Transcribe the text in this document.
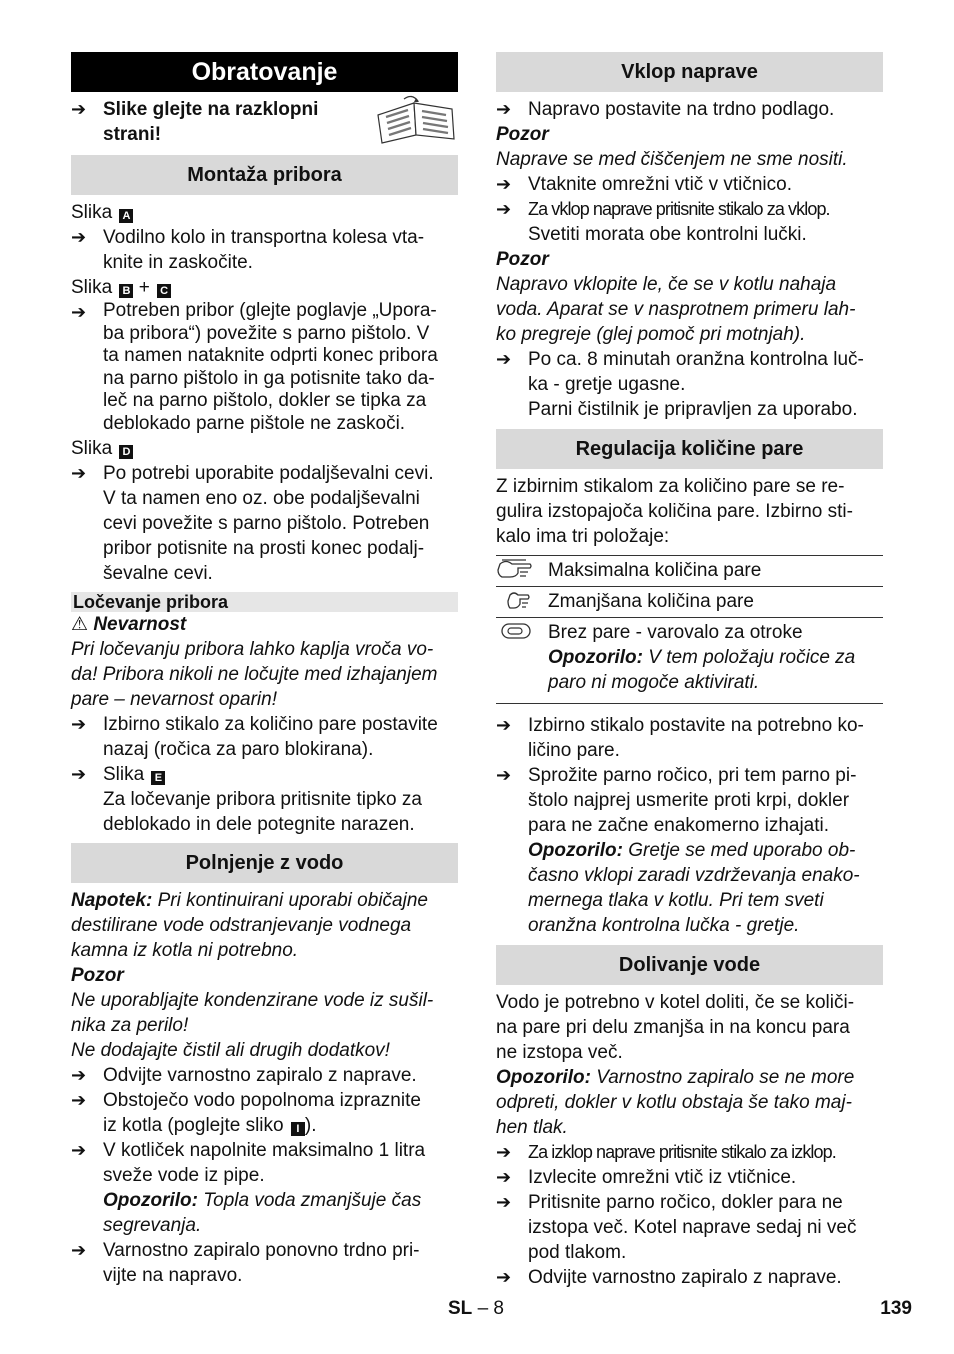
Obratovanje
➔ Slike glejte na razklopni
strani!
Montaža pribora
Slika A
➔ Vodilno kolo in transportna kolesa vta-
knite in zaskočite.
Slika B + C
➔ Potreben pribor (glejte poglavje „Upora-
ba pribora“) povežite s parno pištolo. V
ta namen nataknite odprti konec pribora
na parno pištolo in ga potisnite tako da-
leč na parno pištolo, dokler se tipka za
deblokado parne pištole ne zaskoči.
Slika D
➔ Po potrebi uporabite podaljševalni cevi.
V ta namen eno oz. obe podaljševalni
cevi povežite s parno pištolo. Potreben
pribor potisnite na prosti konec podalj-
ševalne cevi.
Ločevanje pribora
⚠ Nevarnost
Pri ločevanju pribora lahko kaplja vroča vo-
da! Pribora nikoli ne ločujte med izhajanjem
pare – nevarnost oparin!
➔ Izbirno stikalo za količino pare postavite
nazaj (ročica za paro blokirana).
➔ Slika E
Za ločevanje pribora pritisnite tipko za
deblokado in dele potegnite narazen.
Polnjenje z vodo
Napotek: Pri kontinuirani uporabi običajne
destilirane vode odstranjevanje vodnega
kamna iz kotla ni potrebno.
Pozor
Ne uporabljajte kondenzirane vode iz sušil-
nika za perilo!
Ne dodajajte čistil ali drugih dodatkov!
➔ Odvijte varnostno zapiralo z naprave.
➔ Obstoječo vodo popolnoma izpraznite
iz kotla (poglejte sliko I ).
➔ V kotliček napolnite maksimalno 1 litra
sveže vode iz pipe.
Opozorilo: Topla voda zmanjšuje čas
segrevanja.
➔ Varnostno zapiralo ponovno trdno pri-
vijte na napravo.
Vklop naprave
➔ Napravo postavite na trdno podlago.
Pozor
Naprave se med čiščenjem ne sme nositi.
➔ Vtaknite omrežni vtič v vtičnico.
➔ Za vklop naprave pritisnite stikalo za vklop.
Svetiti morata obe kontrolni lučki.
Pozor
Napravo vklopite le, če se v kotlu nahaja
voda. Aparat se v nasprotnem primeru lah-
ko pregreje (glej pomoč pri motnjah).
➔ Po ca. 8 minutah oranžna kontrolna luč-
ka - gretje ugasne.
Parni čistilnik je pripravljen za uporabo.
Regulacija količine pare
Z izbirnim stikalom za količino pare se re-
gulira izstopajoča količina pare. Izbirno sti-
kalo ima tri položaje:
	Maksimalna količina pare
	Zmanjšana količina pare

Brez pare - varovalo za otroke
Opozorilo: V tem položaju ročice za
paro ni mogoče aktivirati.
➔ Izbirno stikalo postavite na potrebno ko-
ličino pare.
➔ Sprožite parno ročico, pri tem parno pi-
štolo najprej usmerite proti krpi, dokler
para ne začne enakomerno izhajati.
Opozorilo: Gretje se med uporabo ob-
časno vklopi zaradi vzdrževanja enako-
mernega tlaka v kotlu. Pri tem sveti
oranžna kontrolna lučka - gretje.
Dolivanje vode
Vodo je potrebno v kotel doliti, če se količi-
na pare pri delu zmanjša in na koncu para
ne izstopa več.
Opozorilo: Varnostno zapiralo se ne more
odpreti, dokler v kotlu obstaja še tako maj-
hen tlak.
➔ Za izklop naprave pritisnite stikalo za izklop.
➔ Izvlecite omrežni vtič iz vtičnice.
➔ Pritisnite parno ročico, dokler para ne
izstopa več. Kotel naprave sedaj ni več
pod tlakom.
➔ Odvijte varnostno zapiralo z naprave.
SL – 8	139
